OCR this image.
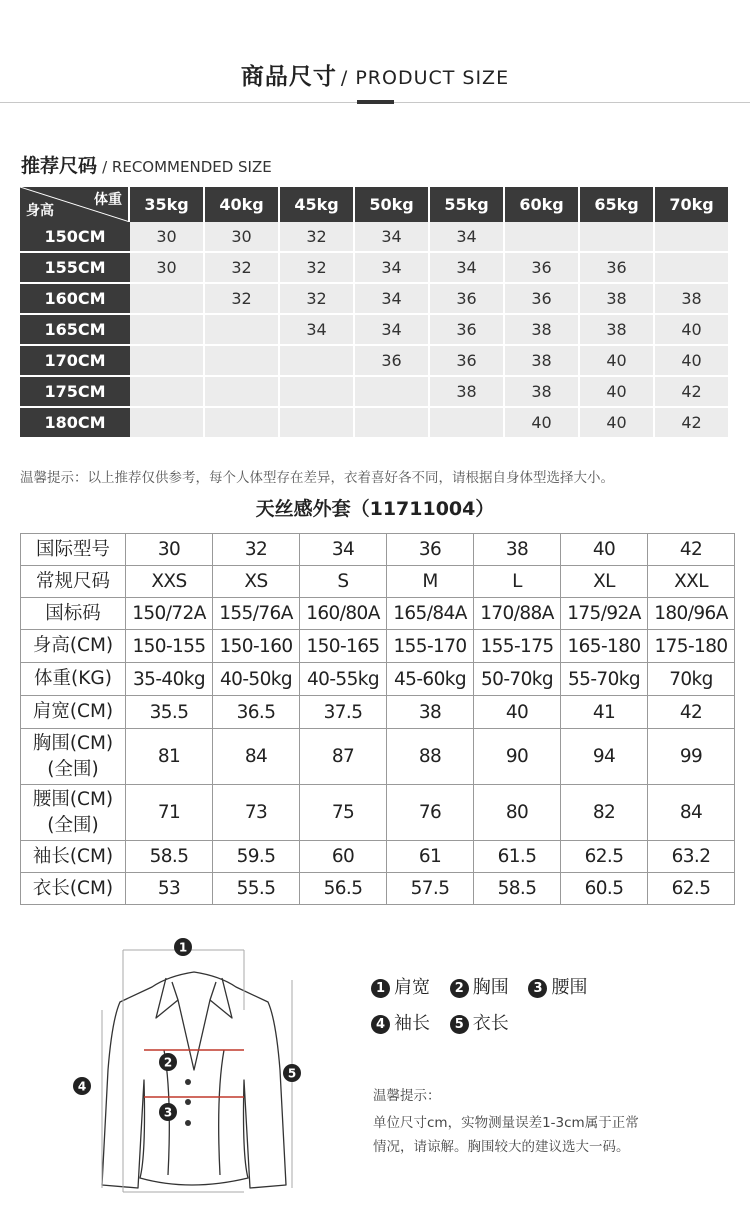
商品尺寸 / PRODUCT SIZE
推荐尺码 / RECOMMENDED SIZE
体重
身高	35kg	40kg	45kg	50kg	55kg	60kg	65kg	70kg
150CM	30	30	32	34	34			
155CM	30	32	32	34	34	36	36	
160CM		32	32	34	36	36	38	38
165CM			34	34	36	38	38	40
170CM				36	36	38	40	40
175CM					38	38	40	42
180CM						40	40	42
温馨提示：以上推荐仅供参考，每个人体型存在差异，衣着喜好各不同，请根据自身体型选择大小。
天丝感外套（11711004）
国际型号	30	32	34	36	38	40	42

常规尺码	XXS	XS	S	M	L	XL	XXL

国标码	150/72A	155/76A	160/80A	165/84A	170/88A	175/92A	180/96A

身高(CM)	150-155	150-160	150-165	155-170	155-175	165-180	175-180

体重(KG)	35-40kg	40-50kg	40-55kg	45-60kg	50-70kg	55-70kg	70kg

肩宽(CM)	35.5	36.5	37.5	38	40	41	42

胸围(CM)
(全围)	81	84	87	88	90	94	99

腰围(CM)
(全围)	71	73	75	76	80	82	84

袖长(CM)	58.5	59.5	60	61	61.5	62.5	63.2

衣长(CM)	53	55.5	56.5	57.5	58.5	60.5	62.5
1
2
3
4
5
1 肩宽 2 胸围 3 腰围
4 袖长 5 衣长
温馨提示：
单位尺寸cm，实物测量误差1-3cm属于正常
情况，请谅解。胸围较大的建议选大一码。
